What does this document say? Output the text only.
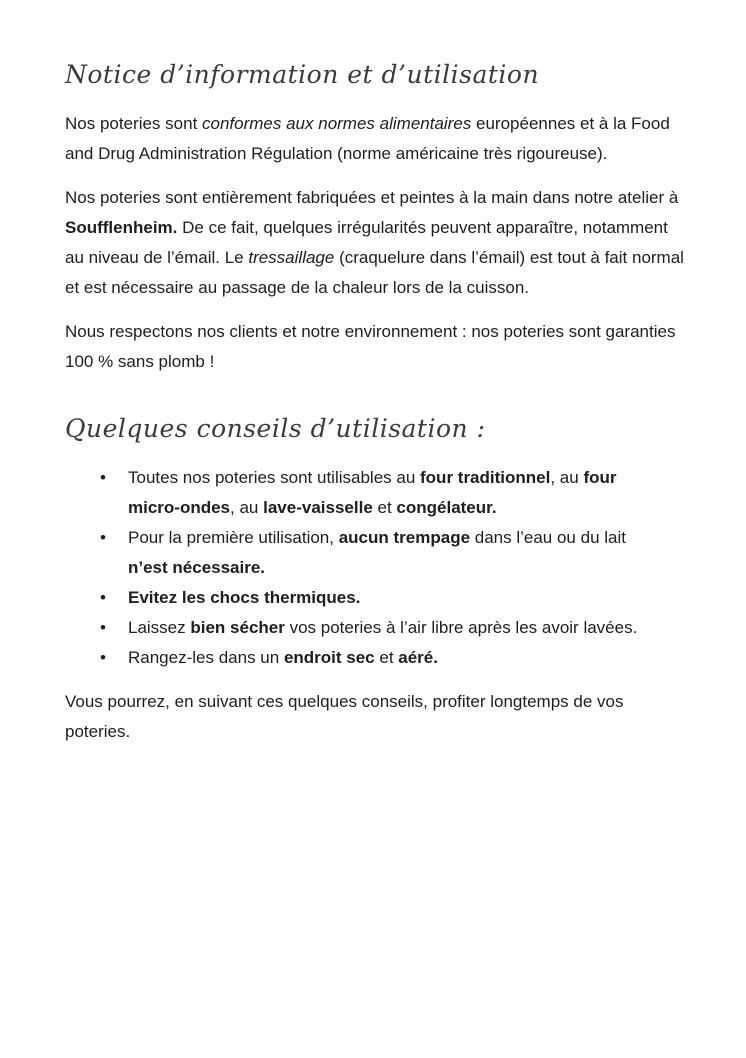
Notice d’information et d’utilisation

Nos poteries sont conformes aux normes alimentaires européennes et à la Food and Drug Administration Régulation (norme américaine très rigoureuse).

Nos poteries sont entièrement fabriquées et peintes à la main dans notre atelier à Soufflenheim. De ce fait, quelques irrégularités peuvent apparaître, notamment au niveau de l’émail. Le tressaillage (craquelure dans l’émail) est tout à fait normal et est nécessaire au passage de la chaleur lors de la cuisson.

Nous respectons nos clients et notre environnement : nos poteries sont garanties 100 % sans plomb !

Quelques conseils d’utilisation :
• Toutes nos poteries sont utilisables au four traditionnel, au four micro-ondes, au lave-vaisselle et congélateur.
• Pour la première utilisation, aucun trempage dans l’eau ou du lait n’est nécessaire.
• Evitez les chocs thermiques.
• Laissez bien sécher vos poteries à l’air libre après les avoir lavées.
• Rangez-les dans un endroit sec et aéré.

Vous pourrez, en suivant ces quelques conseils, profiter longtemps de vos poteries.
